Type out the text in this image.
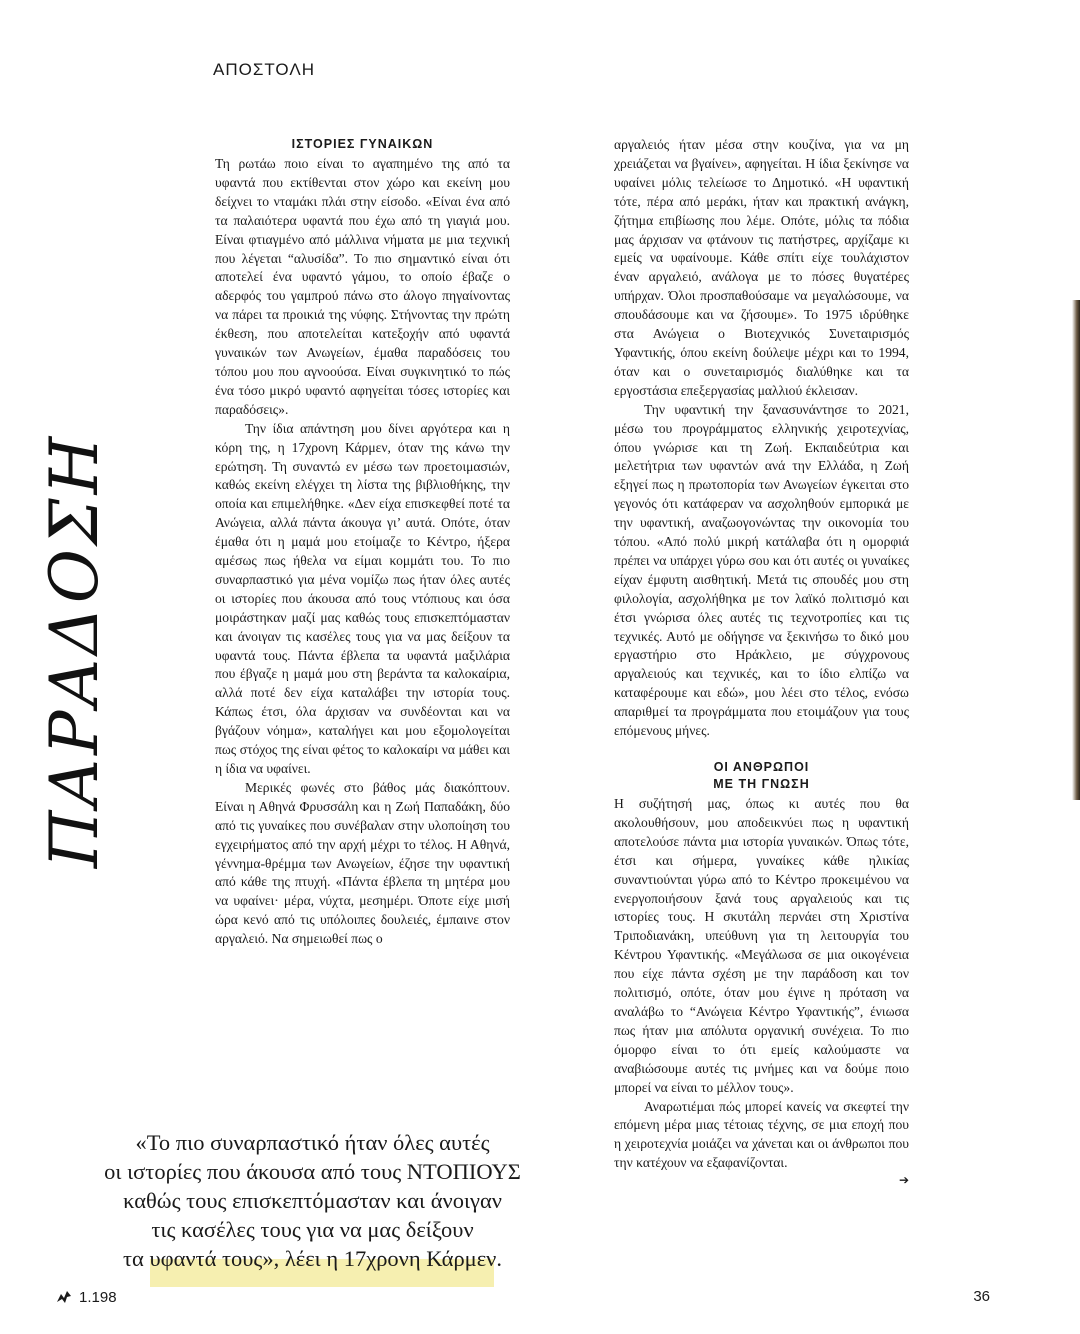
ΑΠΟΣΤΟΛΗ
ΠΑΡΑΔΟΣΗ
ΙΣΤΟΡΙΕΣ ΓΥΝΑΙΚΩΝ

Τη ρωτάω ποιο είναι το αγαπημένο της από τα υφαντά που εκτίθενται στον χώρο και εκείνη μου δείχνει το νταμάκι πλάι στην είσοδο. «Είναι ένα από τα παλαιότερα υφαντά που έχω από τη γιαγιά μου. Είναι φτιαγμένο από μάλλινα νήματα με μια τεχνική που λέγεται “αλυσίδα”. Το πιο σημαντικό είναι ότι αποτελεί ένα υφαντό γάμου, το οποίο έβαζε ο αδερφός του γαμπρού πάνω στο άλογο πηγαίνοντας να πάρει τα προικιά της νύφης. Στήνοντας την πρώτη έκθεση, που αποτελείται κατεξοχήν από υφαντά γυναικών των Ανωγείων, έμαθα παραδόσεις του τόπου μου που αγνοούσα. Είναι συγκινητικό το πώς ένα τόσο μικρό υφαντό αφηγείται τόσες ιστορίες και παραδόσεις».

Την ίδια απάντηση μου δίνει αργότερα και η κόρη της, η 17χρονη Κάρμεν, όταν της κάνω την ερώτηση. Τη συναντώ εν μέσω των προετοιμασιών, καθώς εκείνη ελέγχει τη λίστα της βιβλιοθήκης, την οποία και επιμελήθηκε. «Δεν είχα επισκεφθεί ποτέ τα Ανώγεια, αλλά πάντα άκουγα γι’ αυτά. Οπότε, όταν έμαθα ότι η μαμά μου ετοίμαζε το Κέντρο, ήξερα αμέσως πως ήθελα να είμαι κομμάτι του. Το πιο συναρπαστικό για μένα νομίζω πως ήταν όλες αυτές οι ιστορίες που άκουσα από τους ντόπιους και όσα μοιράστηκαν μαζί μας καθώς τους επισκεπτόμασταν και άνοιγαν τις κασέλες τους για να μας δείξουν τα υφαντά τους. Πάντα έβλεπα τα υφαντά μαξιλάρια που έβγαζε η μαμά μου στη βεράντα τα καλοκαίρια, αλλά ποτέ δεν είχα καταλάβει την ιστορία τους. Κάπως έτσι, όλα άρχισαν να συνδέονται και να βγάζουν νόημα», καταλήγει και μου εξομολογείται πως στόχος της είναι φέτος το καλοκαίρι να μάθει και η ίδια να υφαίνει.

Μερικές φωνές στο βάθος μάς διακόπτουν. Είναι η Αθηνά Φρυσσάλη και η Ζωή Παπαδάκη, δύο από τις γυναίκες που συνέβαλαν στην υλοποίηση του εγχειρήματος από την αρχή μέχρι το τέλος. Η Αθηνά, γέννημα-θρέμμα των Ανωγείων, έζησε την υφαντική από κάθε της πτυχή. «Πάντα έβλεπα τη μητέρα μου να υφαίνει· μέρα, νύχτα, μεσημέρι. Όποτε είχε μισή ώρα κενό από τις υπόλοιπες δουλειές, έμπαινε στον αργαλειό. Να σημειωθεί πως ο

αργαλειός ήταν μέσα στην κουζίνα, για να μη χρειάζεται να βγαίνει», αφηγείται. Η ίδια ξεκίνησε να υφαίνει μόλις τελείωσε το Δημοτικό. «Η υφαντική τότε, πέρα από μεράκι, ήταν και πρακτική ανάγκη, ζήτημα επιβίωσης που λέμε. Οπότε, μόλις τα πόδια μας άρχισαν να φτάνουν τις πατήστρες, αρχίζαμε κι εμείς να υφαίνουμε. Κάθε σπίτι είχε τουλάχιστον έναν αργαλειό, ανάλογα με το πόσες θυγατέρες υπήρχαν. Όλοι προσπαθούσαμε να μεγαλώσουμε, να σπουδάσουμε και να ζήσουμε». Το 1975 ιδρύθηκε στα Ανώγεια ο Βιοτεχνικός Συνεταιρισμός Υφαντικής, όπου εκείνη δούλεψε μέχρι και το 1994, όταν και ο συνεταιρισμός διαλύθηκε και τα εργοστάσια επεξεργασίας μαλλιού έκλεισαν.

Την υφαντική την ξανασυνάντησε το 2021, μέσω του προγράμματος ελληνικής χειροτεχνίας, όπου γνώρισε και τη Ζωή. Εκπαιδεύτρια και μελετήτρια των υφαντών ανά την Ελλάδα, η Ζωή εξηγεί πως η πρωτοπορία των Ανωγείων έγκειται στο γεγονός ότι κατάφεραν να ασχοληθούν εμπορικά με την υφαντική, αναζωογονώντας την οικονομία του τόπου. «Από πολύ μικρή κατάλαβα ότι η ομορφιά πρέπει να υπάρχει γύρω σου και ότι αυτές οι γυναίκες είχαν έμφυτη αισθητική. Μετά τις σπουδές μου στη φιλολογία, ασχολήθηκα με τον λαϊκό πολιτισμό και έτσι γνώρισα όλες αυτές τις τεχνοτροπίες και τις τεχνικές. Αυτό με οδήγησε να ξεκινήσω το δικό μου εργαστήριο στο Ηράκλειο, με σύγχρονους αργαλειούς και τεχνικές, και το ίδιο ελπίζω να καταφέρουμε και εδώ», μου λέει στο τέλος, ενόσω απαριθμεί τα προγράμματα που ετοιμάζουν για τους επόμενους μήνες.

ΟΙ ΑΝΘΡΩΠΟΙ
ΜΕ ΤΗ ΓΝΩΣΗ

Η συζήτησή μας, όπως κι αυτές που θα ακολουθήσουν, μου αποδεικνύει πως η υφαντική αποτελούσε πάντα μια ιστορία γυναικών. Όπως τότε, έτσι και σήμερα, γυναίκες κάθε ηλικίας συναντιούνται γύρω από το Κέντρο προκειμένου να ενεργοποιήσουν ξανά τους αργαλειούς και τις ιστορίες τους. Η σκυτάλη περνάει στη Χριστίνα Τριποδιανάκη, υπεύθυνη για τη λειτουργία του Κέντρου Υφαντικής. «Μεγάλωσα σε μια οικογένεια που είχε πάντα σχέση με την παράδοση και τον πολιτισμό, οπότε, όταν μου έγινε η πρόταση να αναλάβω το “Ανώγεια Κέντρο Υφαντικής”, ένιωσα πως ήταν μια απόλυτα οργανική συνέχεια. Το πιο όμορφο είναι το ότι εμείς καλούμαστε να αναβιώσουμε αυτές τις μνήμες και να δούμε ποιο μπορεί να είναι το μέλλον τους».

Αναρωτιέμαι πώς μπορεί κανείς να σκεφτεί την επόμενη μέρα μιας τέτοιας τέχνης, σε μια εποχή που η χειροτεχνία μοιάζει να χάνεται και οι άνθρωποι που την κατέχουν να εξαφανίζονται.

➔
«Το πιο συναρπαστικό ήταν όλες αυτές
οι ιστορίες που άκουσα από τους ΝΤΟΠΙΟΥΣ
καθώς τους επισκεπτόμασταν και άνοιγαν
τις κασέλες τους για να μας δείξουν
τα υφαντά τους», λέει η 17χρονη Κάρμεν.
1.198	36
